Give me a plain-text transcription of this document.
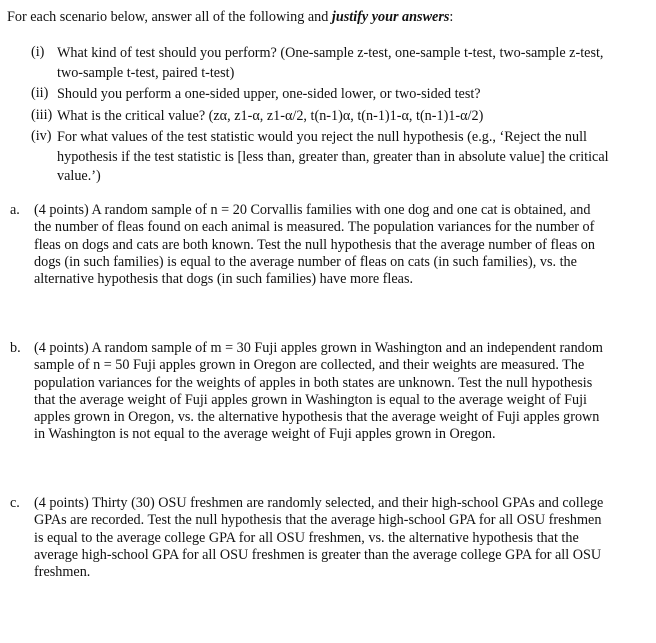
For each scenario below, answer all of the following and justify your answers:
(i) What kind of test should you perform? (One-sample z-test, one-sample t-test, two-sample z-test, two-sample t-test, paired t-test)
(ii) Should you perform a one-sided upper, one-sided lower, or two-sided test?
(iii) What is the critical value? (zα, z1-α, z1-α/2, t(n-1)α, t(n-1)1-α, t(n-1)1-α/2)
(iv) For what values of the test statistic would you reject the null hypothesis (e.g., ‘Reject the null hypothesis if the test statistic is [less than, greater than, greater than in absolute value] the critical value.’)
a. (4 points) A random sample of n = 20 Corvallis families with one dog and one cat is obtained, and the number of fleas found on each animal is measured. The population variances for the number of fleas on dogs and cats are both known. Test the null hypothesis that the average number of fleas on dogs (in such families) is equal to the average number of fleas on cats (in such families), vs. the alternative hypothesis that dogs (in such families) have more fleas.
b. (4 points) A random sample of m = 30 Fuji apples grown in Washington and an independent random sample of n = 50 Fuji apples grown in Oregon are collected, and their weights are measured. The population variances for the weights of apples in both states are unknown. Test the null hypothesis that the average weight of Fuji apples grown in Washington is equal to the average weight of Fuji apples grown in Oregon, vs. the alternative hypothesis that the average weight of Fuji apples grown in Washington is not equal to the average weight of Fuji apples grown in Oregon.
c. (4 points) Thirty (30) OSU freshmen are randomly selected, and their high-school GPAs and college GPAs are recorded. Test the null hypothesis that the average high-school GPA for all OSU freshmen is equal to the average college GPA for all OSU freshmen, vs. the alternative hypothesis that the average high-school GPA for all OSU freshmen is greater than the average college GPA for all OSU freshmen.
